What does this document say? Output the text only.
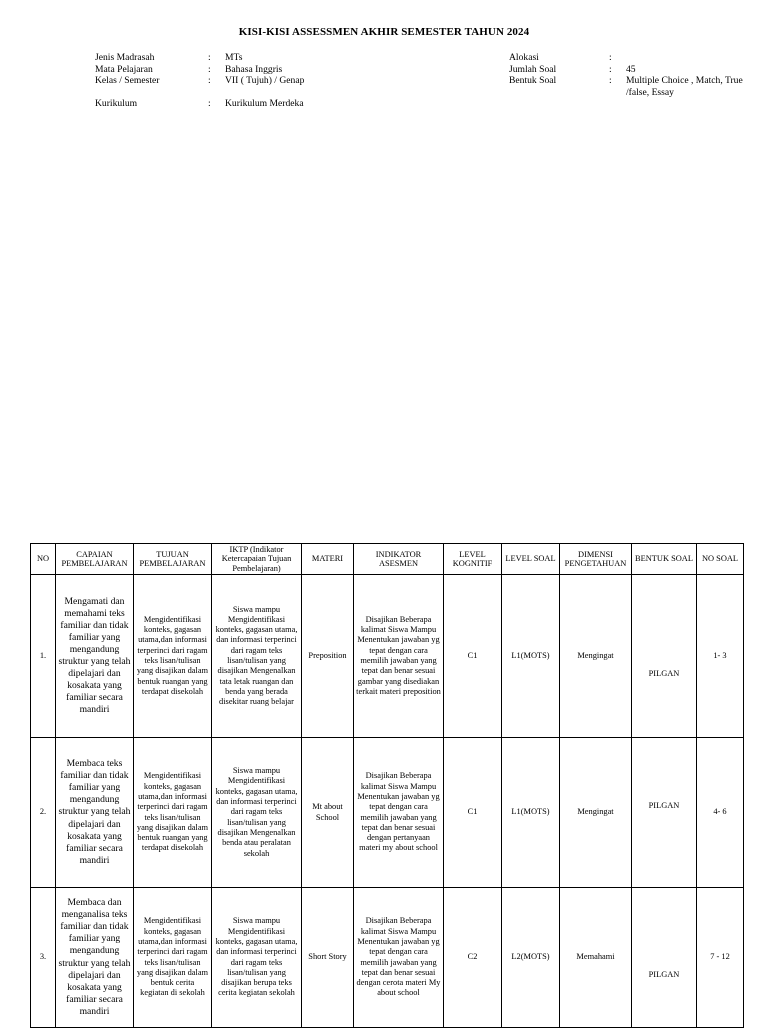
KISI-KISI ASSESSMEN AKHIR SEMESTER TAHUN 2024
Jenis Madrasah	:	MTs
Mata Pelajaran	:	Bahasa Inggris
Kelas / Semester	:	VII ( Tujuh) / Genap
Kurikulum	:	Kurikulum Merdeka
Alokasi	:
Jumlah Soal	:	45
Bentuk Soal	:	Multiple Choice , Match, True /false, Essay
NO	CAPAIAN PEMBELAJARAN	TUJUAN PEMBELAJARAN	IKTP (Indikator Ketercapaian Tujuan Pembelajaran)	MATERI	INDIKATOR ASESMEN	LEVEL KOGNITIF	LEVEL SOAL	DIMENSI PENGETAHUAN	BENTUK SOAL	NO SOAL
1.	Mengamati dan memahami teks familiar dan tidak familiar yang mengandung struktur yang telah dipelajari dan kosakata yang familiar secara mandiri	Mengidentifikasi konteks, gagasan utama,dan informasi terperinci dari ragam teks lisan/tulisan yang disajikan dalam bentuk ruangan yang terdapat disekolah	Siswa mampu Mengidentifikasi konteks, gagasan utama, dan informasi terperinci dari ragam teks lisan/tulisan yang disajikan Mengenalkan tata letak ruangan dan benda yang berada disekitar ruang belajar	Preposition	Disajikan Beberapa kalimat Siswa Mampu Menentukan jawaban yg tepat dengan cara memilih jawaban yang tepat dan benar sesuai gambar yang disediakan terkait materi preposition	C1	L1(MOTS)	Mengingat	PILGAN	1- 3
2.	Membaca teks familiar dan tidak familiar yang mengandung struktur yang telah dipelajari dan kosakata yang familiar secara mandiri	Mengidentifikasi konteks, gagasan utama,dan informasi terperinci dari ragam teks lisan/tulisan yang disajikan dalam bentuk ruangan yang terdapat disekolah	Siswa mampu Mengidentifikasi konteks, gagasan utama, dan informasi terperinci dari ragam teks lisan/tulisan yang disajikan Mengenalkan benda atau peralatan sekolah	Mt about School	Disajikan Beberapa kalimat Siswa Mampu Menentukan jawaban yg tepat dengan cara memilih jawaban yang tepat dan benar sesuai dengan pertanyaan materi my about school	C1	L1(MOTS)	Mengingat	PILGAN	4- 6
3.	Membaca dan menganalisa teks familiar dan tidak familiar yang mengandung struktur yang telah dipelajari dan kosakata yang familiar secara mandiri	Mengidentifikasi konteks, gagasan utama,dan informasi terperinci dari ragam teks lisan/tulisan yang disajikan dalam bentuk cerita kegiatan di sekolah	Siswa mampu Mengidentifikasi konteks, gagasan utama, dan informasi terperinci dari ragam teks lisan/tulisan yang disajikan berupa teks cerita kegiatan sekolah	Short Story	Disajikan Beberapa kalimat Siswa Mampu Menentukan jawaban yg tepat dengan cara memilih jawaban yang tepat dan benar sesuai dengan cerota materi My about school	C2	L2(MOTS)	Memahami	PILGAN	7 - 12
